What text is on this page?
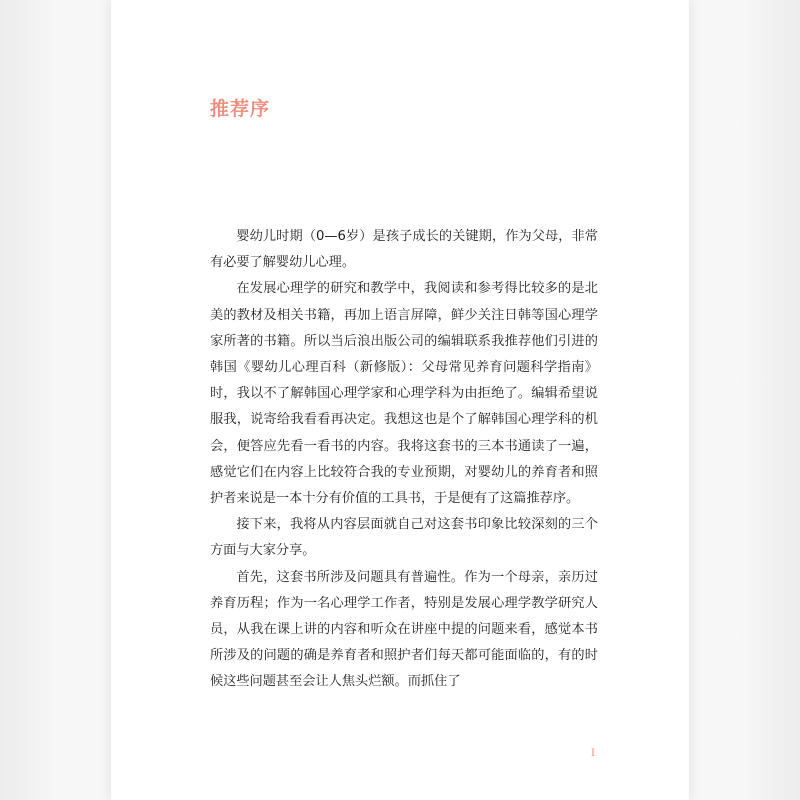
推荐序

婴幼儿时期（0—6岁）是孩子成长的关键期，作为父母，非常有必要了解婴幼儿心理。

在发展心理学的研究和教学中，我阅读和参考得比较多的是北美的教材及相关书籍，再加上语言屏障，鲜少关注日韩等国心理学家所著的书籍。所以当后浪出版公司的编辑联系我推荐他们引进的韩国《婴幼儿心理百科（新修版）：父母常见养育问题科学指南》时，我以不了解韩国心理学家和心理学科为由拒绝了。编辑希望说服我，说寄给我看看再决定。我想这也是个了解韩国心理学科的机会，便答应先看一看书的内容。我将这套书的三本书通读了一遍，感觉它们在内容上比较符合我的专业预期，对婴幼儿的养育者和照护者来说是一本十分有价值的工具书，于是便有了这篇推荐序。

接下来，我将从内容层面就自己对这套书印象比较深刻的三个方面与大家分享。

首先，这套书所涉及问题具有普遍性。作为一个母亲，亲历过养育历程；作为一名心理学工作者，特别是发展心理学教学研究人员，从我在课上讲的内容和听众在讲座中提的问题来看，感觉本书所涉及的问题的确是养育者和照护者们每天都可能面临的，有的时候这些问题甚至会让人焦头烂额。而抓住了

I
